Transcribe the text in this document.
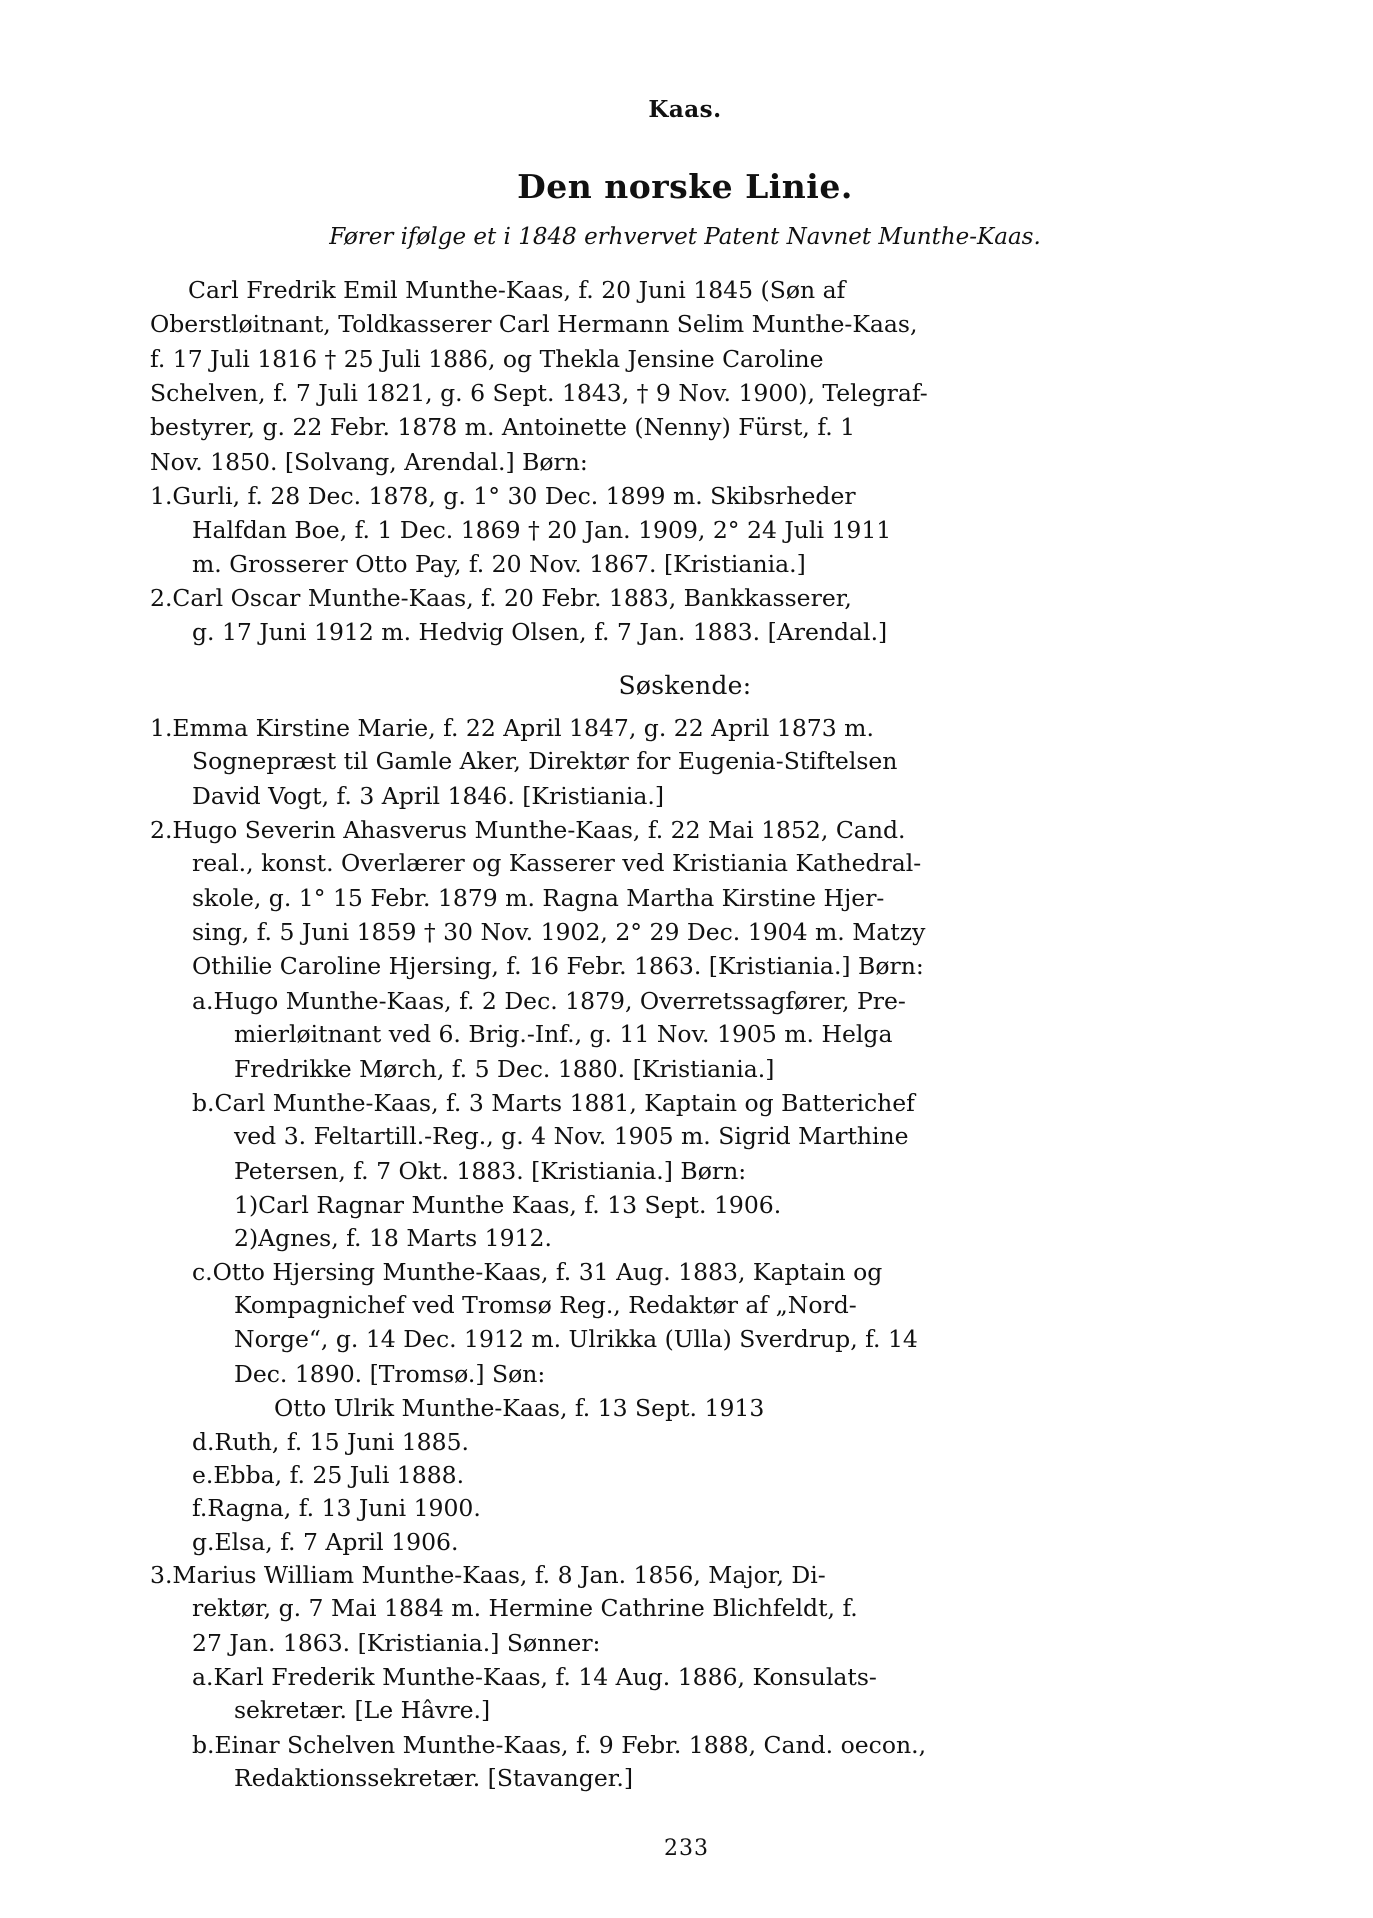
Kaas.
Den norske Linie.
Fører ifølge et i 1848 erhvervet Patent Navnet Munthe-Kaas.

Carl Fredrik Emil Munthe-Kaas, f. 20 Juni 1845 (Søn af

Oberstløitnant, Toldkasserer Carl Hermann Selim Munthe-Kaas,

f. 17 Juli 1816 † 25 Juli 1886, og Thekla Jensine Caroline

Schelven, f. 7 Juli 1821, g. 6 Sept. 1843, † 9 Nov. 1900), Telegraf-

bestyrer, g. 22 Febr. 1878 m. Antoinette (Nenny) Fürst, f. 1

Nov. 1850. [Solvang, Arendal.] Børn:

1.Gurli, f. 28 Dec. 1878, g. 1° 30 Dec. 1899 m. Skibsrheder

Halfdan Boe, f. 1 Dec. 1869 † 20 Jan. 1909, 2° 24 Juli 1911

m. Grosserer Otto Pay, f. 20 Nov. 1867. [Kristiania.]

2.Carl Oscar Munthe-Kaas, f. 20 Febr. 1883, Bankkasserer,

g. 17 Juni 1912 m. Hedvig Olsen, f. 7 Jan. 1883. [Arendal.]

Søskende:

1.Emma Kirstine Marie, f. 22 April 1847, g. 22 April 1873 m.

Sognepræst til Gamle Aker, Direktør for Eugenia-Stiftelsen

David Vogt, f. 3 April 1846. [Kristiania.]

2.Hugo Severin Ahasverus Munthe-Kaas, f. 22 Mai 1852, Cand.

real., konst. Overlærer og Kasserer ved Kristiania Kathedral-

skole, g. 1° 15 Febr. 1879 m. Ragna Martha Kirstine Hjer-

sing, f. 5 Juni 1859 † 30 Nov. 1902, 2° 29 Dec. 1904 m. Matzy

Othilie Caroline Hjersing, f. 16 Febr. 1863. [Kristiania.] Børn:

a.Hugo Munthe-Kaas, f. 2 Dec. 1879, Overretssagfører, Pre-

mierløitnant ved 6. Brig.-Inf., g. 11 Nov. 1905 m. Helga

Fredrikke Mørch, f. 5 Dec. 1880. [Kristiania.]

b.Carl Munthe-Kaas, f. 3 Marts 1881, Kaptain og Batterichef

ved 3. Feltartill.-Reg., g. 4 Nov. 1905 m. Sigrid Marthine

Petersen, f. 7 Okt. 1883. [Kristiania.] Børn:

1)Carl Ragnar Munthe Kaas, f. 13 Sept. 1906.

2)Agnes, f. 18 Marts 1912.

c.Otto Hjersing Munthe-Kaas, f. 31 Aug. 1883, Kaptain og

Kompagnichef ved Tromsø Reg., Redaktør af „Nord-

Norge“, g. 14 Dec. 1912 m. Ulrikka (Ulla) Sverdrup, f. 14

Dec. 1890. [Tromsø.] Søn:

Otto Ulrik Munthe-Kaas, f. 13 Sept. 1913

d.Ruth, f. 15 Juni 1885.

e.Ebba, f. 25 Juli 1888.

f.Ragna, f. 13 Juni 1900.

g.Elsa, f. 7 April 1906.

3.Marius William Munthe-Kaas, f. 8 Jan. 1856, Major, Di-

rektør, g. 7 Mai 1884 m. Hermine Cathrine Blichfeldt, f.

27 Jan. 1863. [Kristiania.] Sønner:

a.Karl Frederik Munthe-Kaas, f. 14 Aug. 1886, Konsulats-

sekretær. [Le Hâvre.]

b.Einar Schelven Munthe-Kaas, f. 9 Febr. 1888, Cand. oecon.,

Redaktionssekretær. [Stavanger.]

233
